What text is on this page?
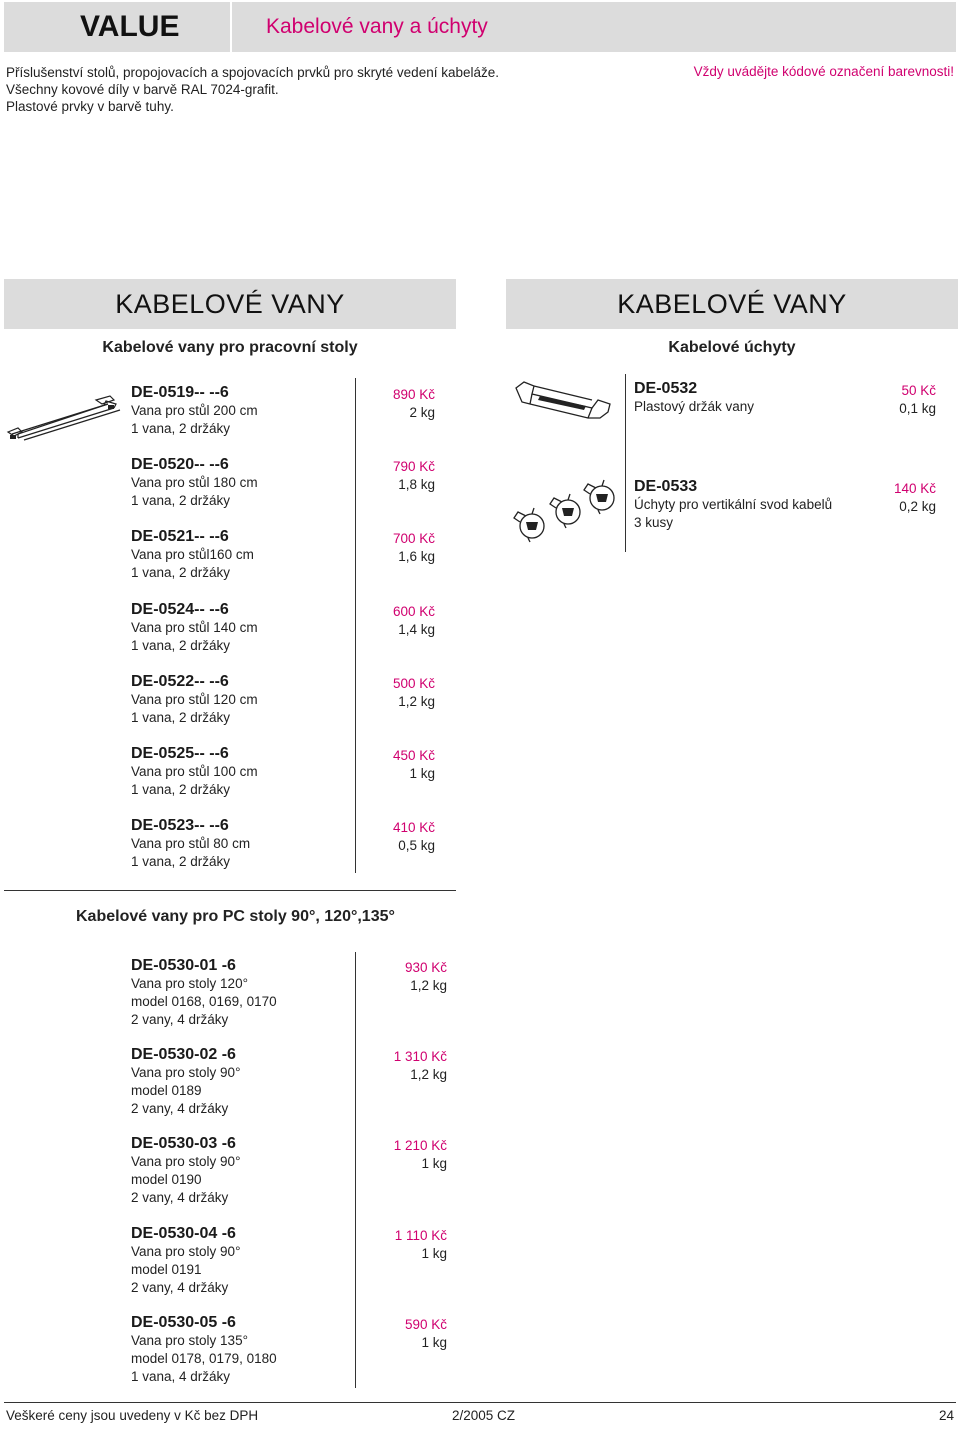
VALUE	Kabelové vany a úchyty
Příslušenství stolů, propojovacích a spojovacích prvků pro skryté vedení kabeláže.
Všechny kovové díly v barvě RAL 7024-grafit.
Plastové prvky v barvě tuhy.
Vždy uvádějte kódové označení barevnosti!
KABELOVÉ VANY
Kabelové vany pro pracovní stoly
DE-0519-- --6
Vana pro stůl 200 cm
1 vana, 2 držáky
890 Kč
2 kg
DE-0520-- --6
Vana pro stůl 180 cm
1 vana, 2 držáky
790 Kč
1,8 kg
DE-0521-- --6
Vana pro stůl160 cm
1 vana, 2 držáky
700 Kč
1,6 kg
DE-0524-- --6
Vana pro stůl 140 cm
1 vana, 2 držáky
600 Kč
1,4 kg
DE-0522-- --6
Vana pro stůl 120 cm
1 vana, 2 držáky
500 Kč
1,2 kg
DE-0525-- --6
Vana pro stůl 100 cm
1 vana, 2 držáky
450 Kč
1 kg
DE-0523-- --6
Vana pro stůl 80 cm
1 vana, 2 držáky
410 Kč
0,5 kg
KABELOVÉ VANY
Kabelové úchyty
DE-0532
Plastový držák vany
50 Kč
0,1 kg
DE-0533
Úchyty pro vertikální svod kabelů
3 kusy
140 Kč
0,2 kg
Kabelové vany pro PC stoly 90°, 120°,135°
DE-0530-01 -6
Vana pro stoly 120°
model 0168, 0169, 0170
2 vany, 4 držáky
930 Kč
1,2 kg
DE-0530-02 -6
Vana pro stoly 90°
model 0189
2 vany, 4 držáky
1 310 Kč
1,2 kg
DE-0530-03 -6
Vana pro stoly 90°
model 0190
2 vany, 4 držáky
1 210 Kč
1 kg
DE-0530-04 -6
Vana pro stoly 90°
model 0191
2 vany, 4 držáky
1 110 Kč
1 kg
DE-0530-05 -6
Vana pro stoly 135°
model 0178, 0179, 0180
1 vana, 4 držáky
590 Kč
1 kg
Veškeré ceny jsou uvedeny v Kč bez DPH	2/2005 CZ	24
